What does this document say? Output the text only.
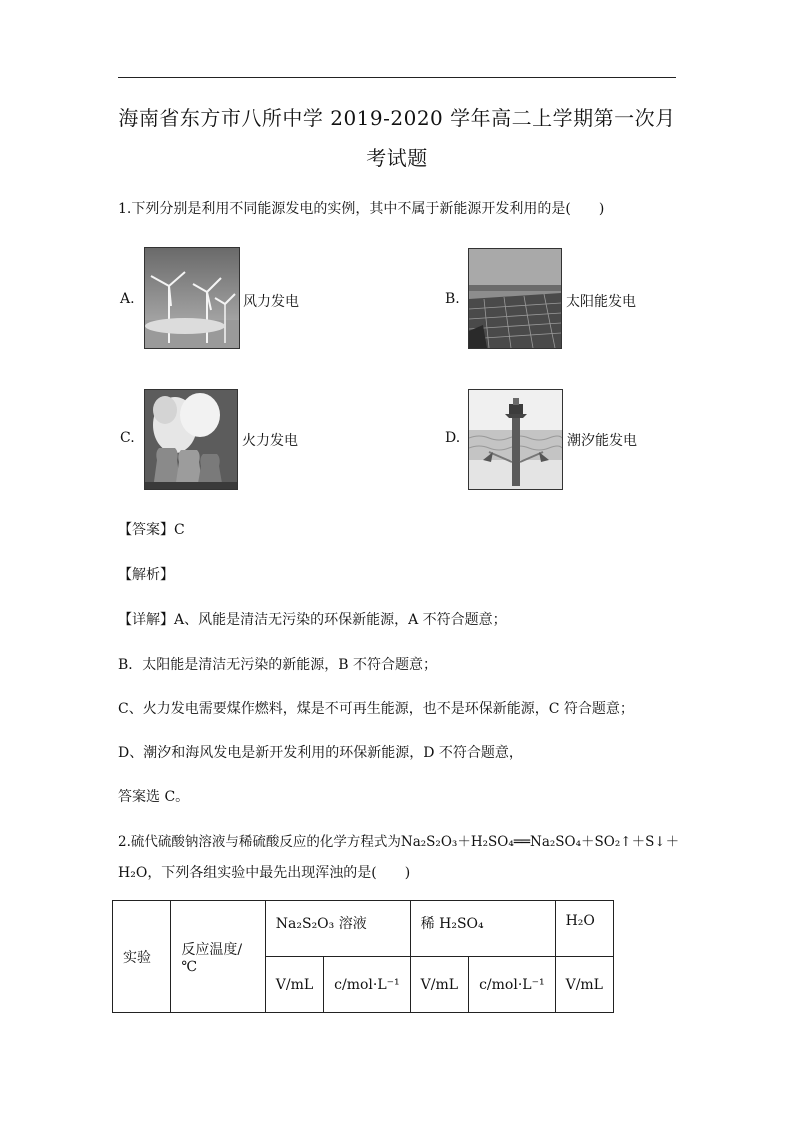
海南省东方市八所中学 2019-2020 学年高二上学期第一次月
考试题
1.下列分别是利用不同能源发电的实例，其中不属于新能源开发利用的是(　　)
A.	风力发电	B.	太阳能发电
C.	火力发电	D.	潮汐能发电
【答案】C
【解析】
【详解】A、风能是清洁无污染的环保新能源，A 不符合题意；
B．太阳能是清洁无污染的新能源，B 不符合题意；
C、火力发电需要煤作燃料，煤是不可再生能源，也不是环保新能源，C 符合题意；
D、潮汐和海风发电是新开发利用的环保新能源，D 不符合题意，
答案选 C。
2.硫代硫酸钠溶液与稀硫酸反应的化学方程式为Na₂S₂O₃＋H₂SO₄══Na₂SO₄＋SO₂↑＋S↓＋
H₂O，下列各组实验中最先出现浑浊的是(　　)
实验	反应温度/℃	Na₂S₂O₃ 溶液		稀 H₂SO₄		H₂O
		V/mL	c/mol·L⁻¹	V/mL	c/mol·L⁻¹	V/mL
